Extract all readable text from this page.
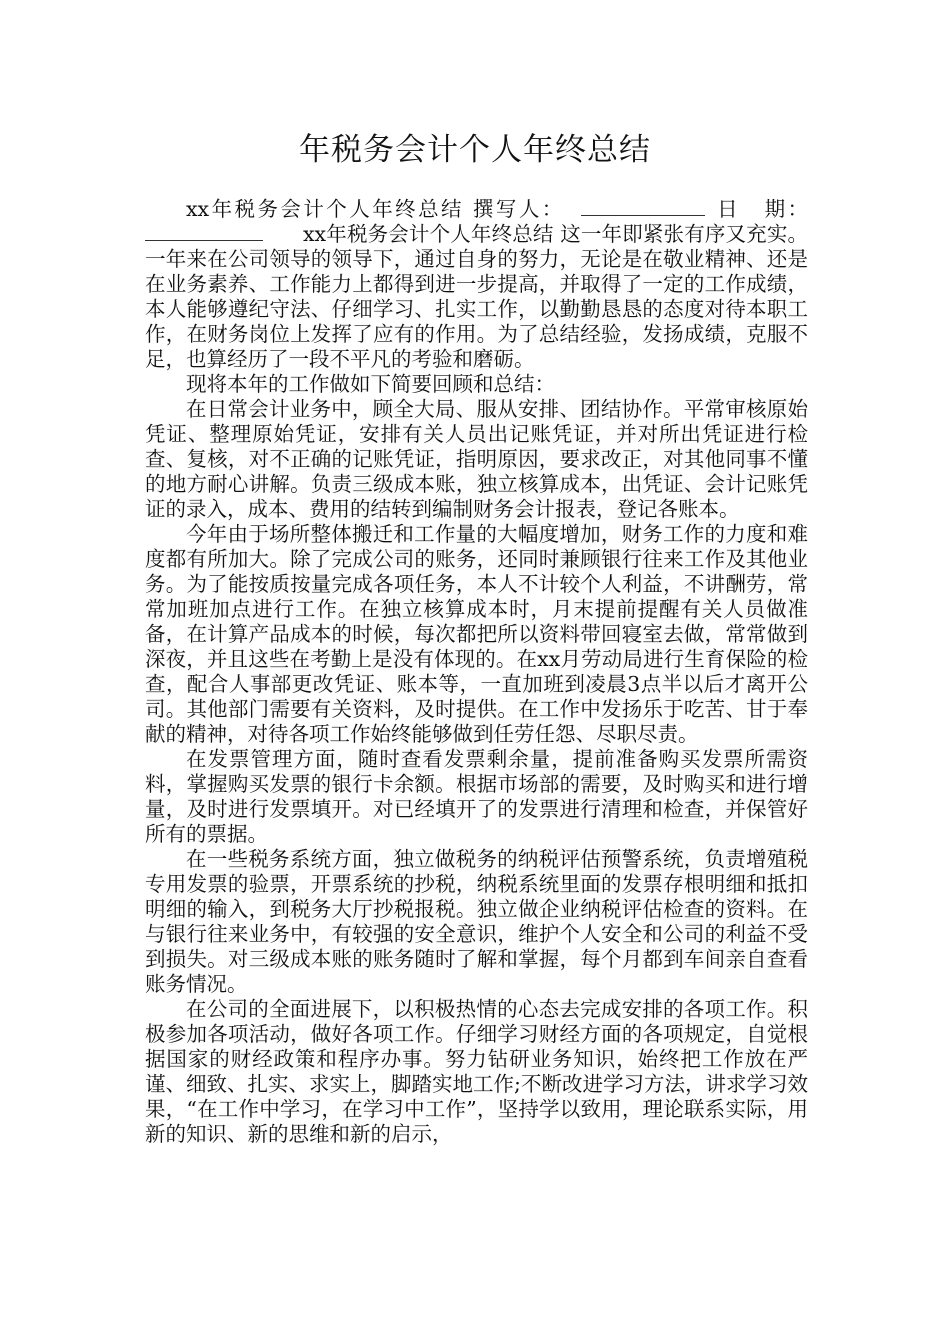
年税务会计个人年终总结

xx年税务会计个人年终总结 撰写人：	日 期：xx年税务会计个人年终总结 这一年即紧张有序又充实。一年来在公司领导的领导下，通过自身的努力，无论是在敬业精神、还是在业务素养、工作能力上都得到进一步提高，并取得了一定的工作成绩，本人能够遵纪守法、仔细学习、扎实工作，以勤勤恳恳的态度对待本职工作，在财务岗位上发挥了应有的作用。为了总结经验，发扬成绩，克服不足，也算经历了一段不平凡的考验和磨砺。

现将本年的工作做如下简要回顾和总结：

在日常会计业务中，顾全大局、服从安排、团结协作。平常审核原始凭证、整理原始凭证，安排有关人员出记账凭证，并对所出凭证进行检查、复核，对不正确的记账凭证，指明原因，要求改正，对其他同事不懂的地方耐心讲解。负责三级成本账，独立核算成本，出凭证、会计记账凭证的录入，成本、费用的结转到编制财务会计报表，登记各账本。

今年由于场所整体搬迁和工作量的大幅度增加，财务工作的力度和难度都有所加大。除了完成公司的账务，还同时兼顾银行往来工作及其他业务。为了能按质按量完成各项任务，本人不计较个人利益，不讲酬劳，常常加班加点进行工作。在独立核算成本时，月末提前提醒有关人员做准备，在计算产品成本的时候，每次都把所以资料带回寝室去做，常常做到深夜，并且这些在考勤上是没有体现的。在xx月劳动局进行生育保险的检查，配合人事部更改凭证、账本等，一直加班到凌晨3点半以后才离开公司。其他部门需要有关资料，及时提供。在工作中发扬乐于吃苦、甘于奉献的精神，对待各项工作始终能够做到任劳任怨、尽职尽责。

在发票管理方面，随时查看发票剩余量，提前准备购买发票所需资料，掌握购买发票的银行卡余额。根据市场部的需要，及时购买和进行增量，及时进行发票填开。对已经填开了的发票进行清理和检查，并保管好所有的票据。

在一些税务系统方面，独立做税务的纳税评估预警系统，负责增殖税专用发票的验票，开票系统的抄税，纳税系统里面的发票存根明细和抵扣明细的输入，到税务大厅抄税报税。独立做企业纳税评估检查的资料。在与银行往来业务中，有较强的安全意识，维护个人安全和公司的利益不受到损失。对三级成本账的账务随时了解和掌握，每个月都到车间亲自查看账务情况。

在公司的全面进展下，以积极热情的心态去完成安排的各项工作。积极参加各项活动，做好各项工作。仔细学习财经方面的各项规定，自觉根据国家的财经政策和程序办事。努力钻研业务知识，始终把工作放在严谨、细致、扎实、求实上，脚踏实地工作;不断改进学习方法，讲求学习效果，“在工作中学习，在学习中工作”，坚持学以致用，理论联系实际，用新的知识、新的思维和新的启示，
